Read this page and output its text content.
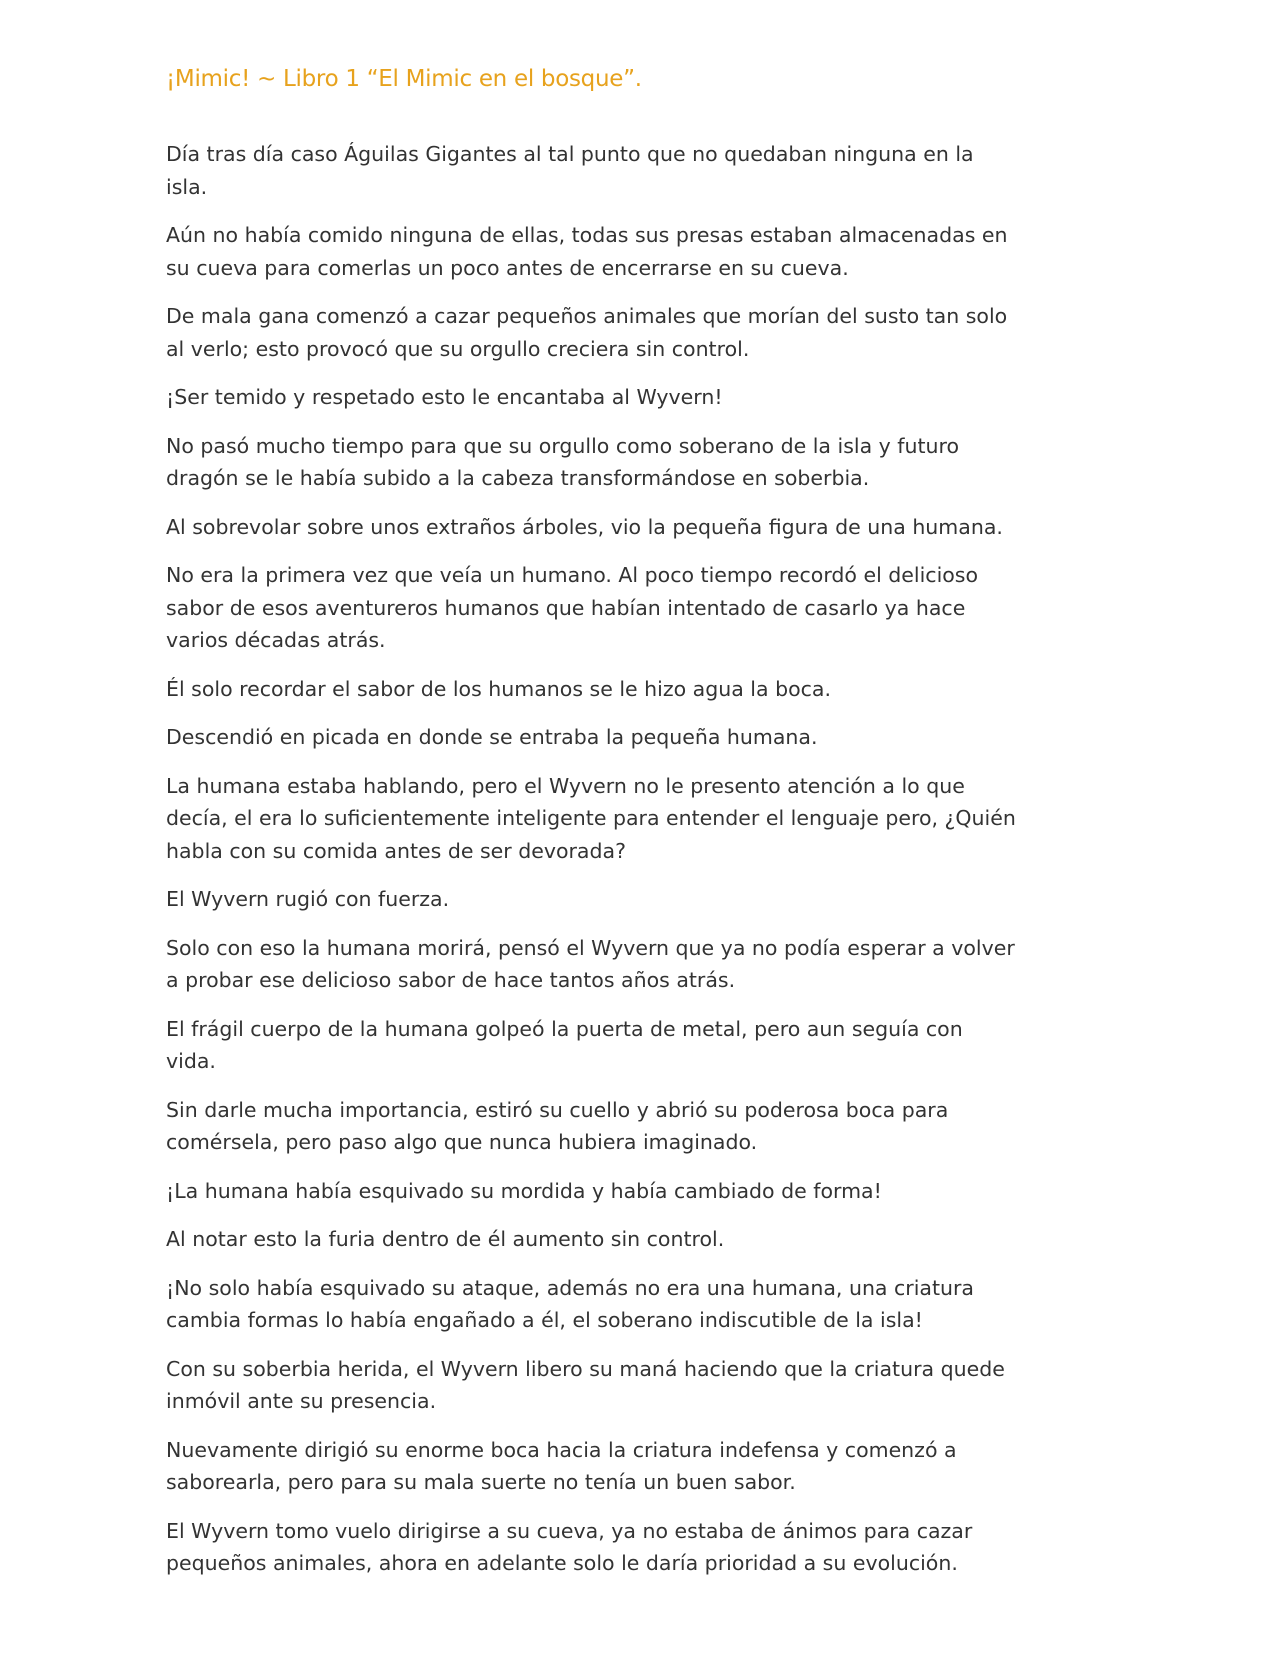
¡Mimic! ~ Libro 1 “El Mimic en el bosque”.

Día tras día caso Águilas Gigantes al tal punto que no quedaban ninguna en la isla.

Aún no había comido ninguna de ellas, todas sus presas estaban almacenadas en su cueva para comerlas un poco antes de encerrarse en su cueva.

De mala gana comenzó a cazar pequeños animales que morían del susto tan solo al verlo; esto provocó que su orgullo creciera sin control.

¡Ser temido y respetado esto le encantaba al Wyvern!

No pasó mucho tiempo para que su orgullo como soberano de la isla y futuro dragón se le había subido a la cabeza transformándose en soberbia.

Al sobrevolar sobre unos extraños árboles, vio la pequeña figura de una humana.

No era la primera vez que veía un humano. Al poco tiempo recordó el delicioso sabor de esos aventureros humanos que habían intentado de casarlo ya hace varios décadas atrás.

Él solo recordar el sabor de los humanos se le hizo agua la boca.

Descendió en picada en donde se entraba la pequeña humana.

La humana estaba hablando, pero el Wyvern no le presento atención a lo que decía, el era lo suficientemente inteligente para entender el lenguaje pero, ¿Quién habla con su comida antes de ser devorada?

El Wyvern rugió con fuerza.

Solo con eso la humana morirá, pensó el Wyvern que ya no podía esperar a volver a probar ese delicioso sabor de hace tantos años atrás.

El frágil cuerpo de la humana golpeó la puerta de metal, pero aun seguía con vida.

Sin darle mucha importancia, estiró su cuello y abrió su poderosa boca para comérsela, pero paso algo que nunca hubiera imaginado.

¡La humana había esquivado su mordida y había cambiado de forma!

Al notar esto la furia dentro de él aumento sin control.

¡No solo había esquivado su ataque, además no era una humana, una criatura cambia formas lo había engañado a él, el soberano indiscutible de la isla!

Con su soberbia herida, el Wyvern libero su maná haciendo que la criatura quede inmóvil ante su presencia.

Nuevamente dirigió su enorme boca hacia la criatura indefensa y comenzó a saborearla, pero para su mala suerte no tenía un buen sabor.

El Wyvern tomo vuelo dirigirse a su cueva, ya no estaba de ánimos para cazar pequeños animales, ahora en adelante solo le daría prioridad a su evolución.
